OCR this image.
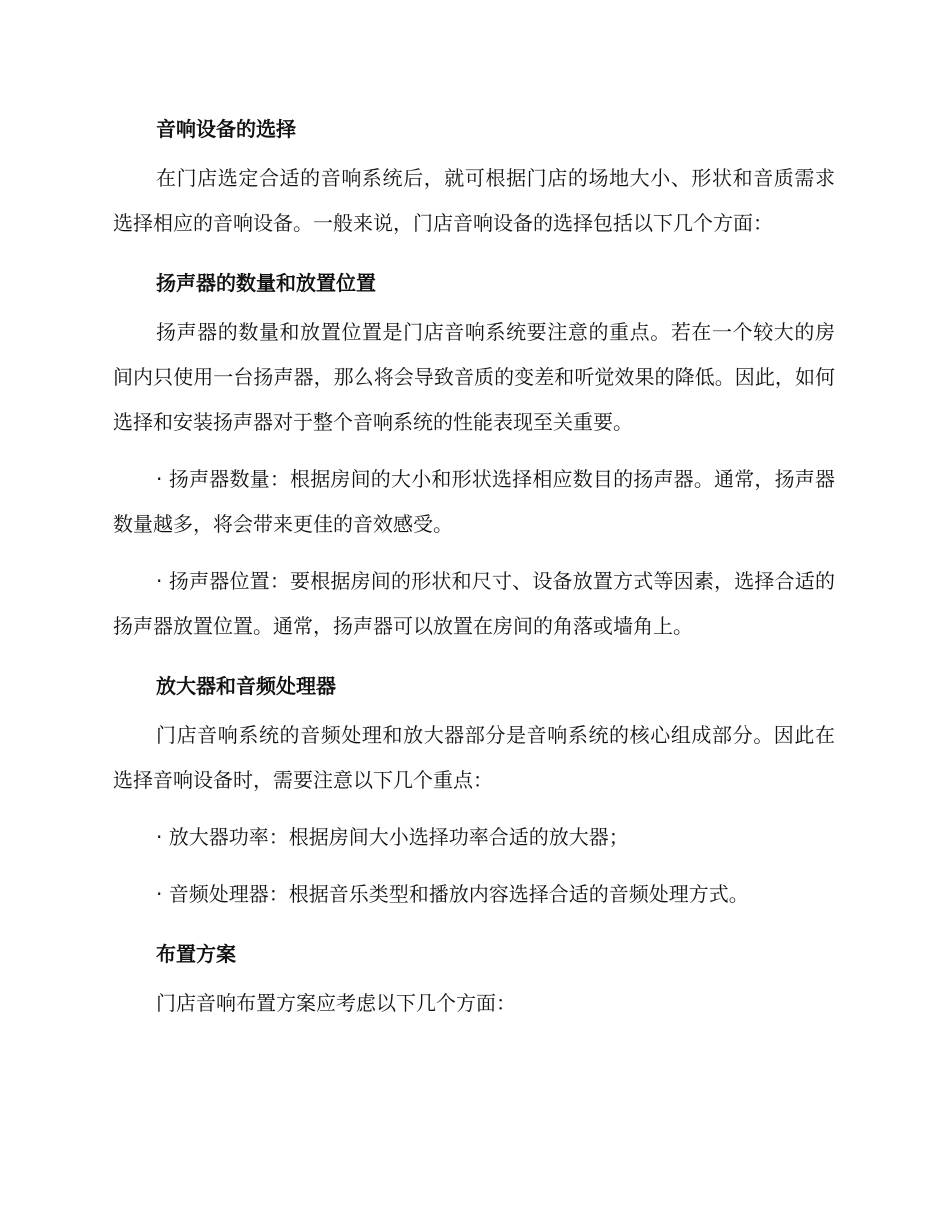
音响设备的选择

在门店选定合适的音响系统后，就可根据门店的场地大小、形状和音质需求选择相应的音响设备。一般来说，门店音响设备的选择包括以下几个方面：

扬声器的数量和放置位置

扬声器的数量和放置位置是门店音响系统要注意的重点。若在一个较大的房间内只使用一台扬声器，那么将会导致音质的变差和听觉效果的降低。因此，如何选择和安装扬声器对于整个音响系统的性能表现至关重要。

· 扬声器数量：根据房间的大小和形状选择相应数目的扬声器。通常，扬声器数量越多，将会带来更佳的音效感受。

· 扬声器位置：要根据房间的形状和尺寸、设备放置方式等因素，选择合适的扬声器放置位置。通常，扬声器可以放置在房间的角落或墙角上。

放大器和音频处理器

门店音响系统的音频处理和放大器部分是音响系统的核心组成部分。因此在选择音响设备时，需要注意以下几个重点：

· 放大器功率：根据房间大小选择功率合适的放大器；

· 音频处理器：根据音乐类型和播放内容选择合适的音频处理方式。

布置方案

门店音响布置方案应考虑以下几个方面：
